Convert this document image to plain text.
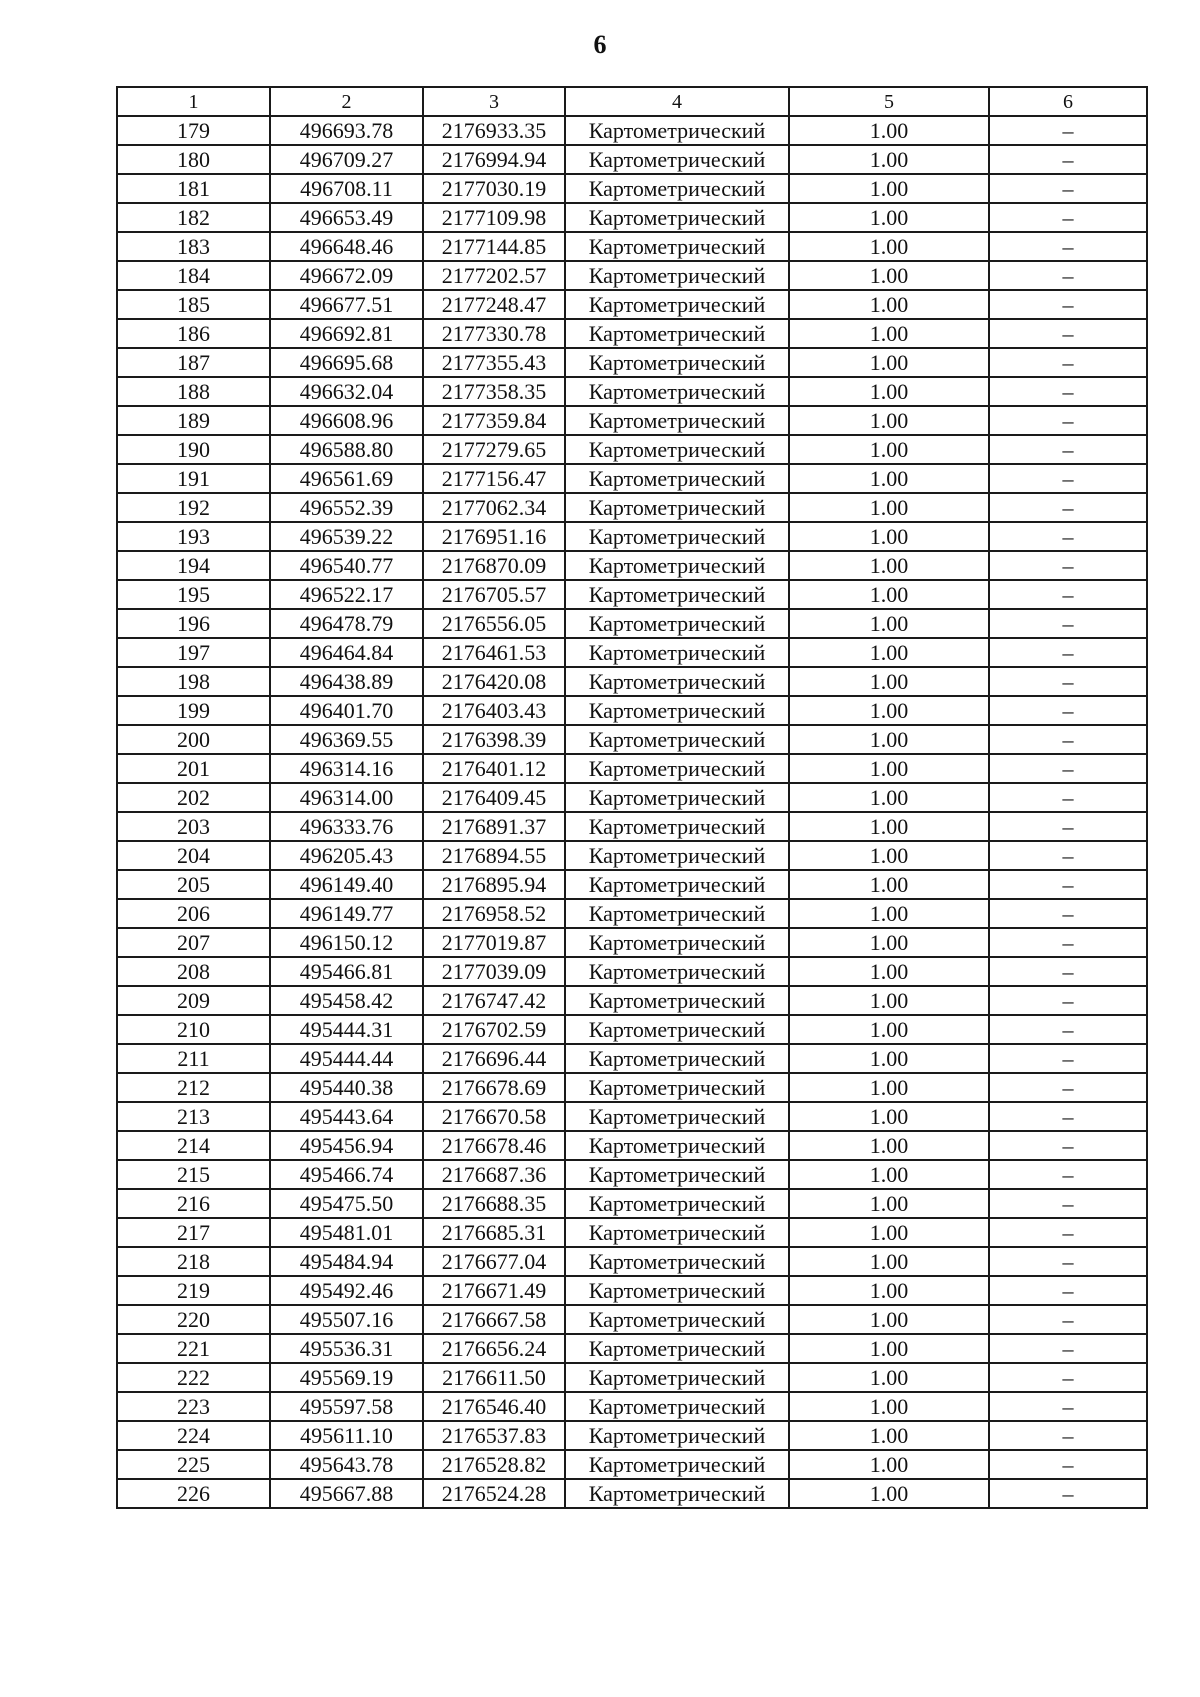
6
1	2	3	4	5	6
179	496693.78	2176933.35	Картометрический	1.00	–
180	496709.27	2176994.94	Картометрический	1.00	–
181	496708.11	2177030.19	Картометрический	1.00	–
182	496653.49	2177109.98	Картометрический	1.00	–
183	496648.46	2177144.85	Картометрический	1.00	–
184	496672.09	2177202.57	Картометрический	1.00	–
185	496677.51	2177248.47	Картометрический	1.00	–
186	496692.81	2177330.78	Картометрический	1.00	–
187	496695.68	2177355.43	Картометрический	1.00	–
188	496632.04	2177358.35	Картометрический	1.00	–
189	496608.96	2177359.84	Картометрический	1.00	–
190	496588.80	2177279.65	Картометрический	1.00	–
191	496561.69	2177156.47	Картометрический	1.00	–
192	496552.39	2177062.34	Картометрический	1.00	–
193	496539.22	2176951.16	Картометрический	1.00	–
194	496540.77	2176870.09	Картометрический	1.00	–
195	496522.17	2176705.57	Картометрический	1.00	–
196	496478.79	2176556.05	Картометрический	1.00	–
197	496464.84	2176461.53	Картометрический	1.00	–
198	496438.89	2176420.08	Картометрический	1.00	–
199	496401.70	2176403.43	Картометрический	1.00	–
200	496369.55	2176398.39	Картометрический	1.00	–
201	496314.16	2176401.12	Картометрический	1.00	–
202	496314.00	2176409.45	Картометрический	1.00	–
203	496333.76	2176891.37	Картометрический	1.00	–
204	496205.43	2176894.55	Картометрический	1.00	–
205	496149.40	2176895.94	Картометрический	1.00	–
206	496149.77	2176958.52	Картометрический	1.00	–
207	496150.12	2177019.87	Картометрический	1.00	–
208	495466.81	2177039.09	Картометрический	1.00	–
209	495458.42	2176747.42	Картометрический	1.00	–
210	495444.31	2176702.59	Картометрический	1.00	–
211	495444.44	2176696.44	Картометрический	1.00	–
212	495440.38	2176678.69	Картометрический	1.00	–
213	495443.64	2176670.58	Картометрический	1.00	–
214	495456.94	2176678.46	Картометрический	1.00	–
215	495466.74	2176687.36	Картометрический	1.00	–
216	495475.50	2176688.35	Картометрический	1.00	–
217	495481.01	2176685.31	Картометрический	1.00	–
218	495484.94	2176677.04	Картометрический	1.00	–
219	495492.46	2176671.49	Картометрический	1.00	–
220	495507.16	2176667.58	Картометрический	1.00	–
221	495536.31	2176656.24	Картометрический	1.00	–
222	495569.19	2176611.50	Картометрический	1.00	–
223	495597.58	2176546.40	Картометрический	1.00	–
224	495611.10	2176537.83	Картометрический	1.00	–
225	495643.78	2176528.82	Картометрический	1.00	–
226	495667.88	2176524.28	Картометрический	1.00	–
